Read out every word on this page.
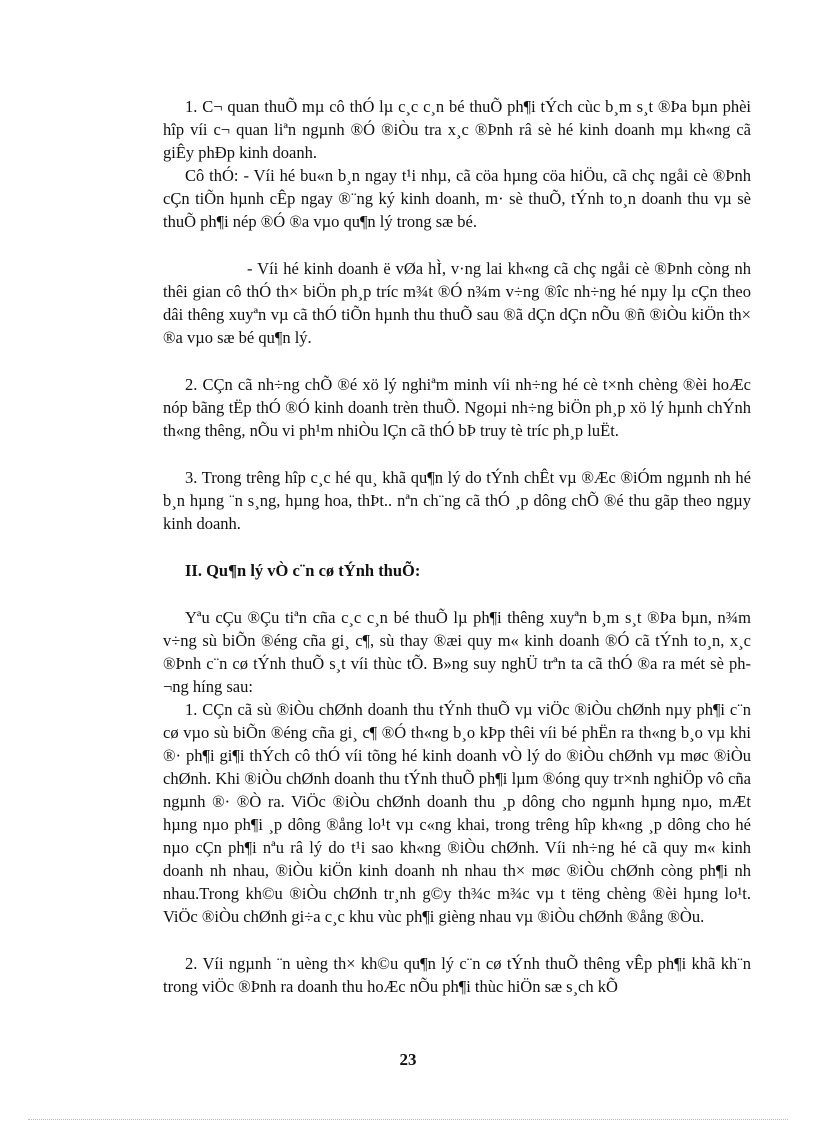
1. C¬ quan thuÕ mµ cô thÓ lµ c¸c c¸n bé thuÕ ph¶i tÝch cùc b¸m s¸t ®Þa bµn phèi hîp víi c¬ quan liªn ngµnh ®Ó ®iÒu tra x¸c ®Þnh râ sè hé kinh doanh mµ kh«ng cã giÊy phÐp kinh doanh.

Cô thÓ: - Víi hé bu«n b¸n ngay t¹i nhµ, cã cöa hµng cöa hiÖu, cã chç ngåi cè ®Þnh cÇn tiÕn hµnh cÊp ngay ®¨ng ký kinh doanh, m· sè thuÕ, tÝnh to¸n doanh thu vµ sè thuÕ ph¶i nép ®Ó ®a vµo qu¶n lý trong sæ bé.

- Víi hé kinh doanh ë vØa hÌ, v·ng lai kh«ng cã chç ngåi cè ®Þnh còng nh thêi gian cô thÓ th× biÖn ph¸p tríc m¾t ®Ó n¾m v÷ng ®îc nh÷ng hé nµy lµ cÇn theo dâi thêng xuyªn vµ cã thÓ tiÕn hµnh thu thuÕ sau ®ã dÇn dÇn nÕu ®ñ ®iÒu kiÖn th× ®a vµo sæ bé qu¶n lý.

2. CÇn cã nh÷ng chÕ ®é xö lý nghiªm minh víi nh÷ng hé cè t×nh chèng ®èi hoÆc nóp bãng tËp thÓ ®Ó kinh doanh trèn thuÕ. Ngoµi nh÷ng biÖn ph¸p xö lý hµnh chÝnh th«ng thêng, nÕu vi ph¹m nhiÒu lÇn cã thÓ bÞ truy tè tríc ph¸p luËt.

3. Trong trêng hîp c¸c hé qu¸ khã qu¶n lý do tÝnh chÊt vµ ®Æc ®iÓm ngµnh nh hé b¸n hµng ¨n s¸ng, hµng hoa, thÞt.. nªn ch¨ng cã thÓ ¸p dông chÕ ®é thu gãp theo ngµy kinh doanh.

II. Qu¶n lý vÒ c¨n cø tÝnh thuÕ:

Yªu cÇu ®Çu tiªn cña c¸c c¸n bé thuÕ lµ ph¶i thêng xuyªn b¸m s¸t ®Þa bµn, n¾m v÷ng sù biÕn ®éng cña gi¸ c¶, sù thay ®æi quy m« kinh doanh ®Ó cã tÝnh to¸n, x¸c ®Þnh c¨n cø tÝnh thuÕ s¸t víi thùc tÕ. B»ng suy nghÜ trªn ta cã thÓ ®a ra mét sè ph¬ng híng sau:

1. CÇn cã sù ®iÒu chØnh doanh thu tÝnh thuÕ vµ viÖc ®iÒu chØnh nµy ph¶i c¨n cø vµo sù biÕn ®éng cña gi¸ c¶ ®Ó th«ng b¸o kÞp thêi víi bé phËn ra th«ng b¸o vµ khi ®· ph¶i gi¶i thÝch cô thÓ víi tõng hé kinh doanh vÒ lý do ®iÒu chØnh vµ møc ®iÒu chØnh. Khi ®iÒu chØnh doanh thu tÝnh thuÕ ph¶i lµm ®óng quy tr×nh nghiÖp vô cña ngµnh ®· ®Ò ra. ViÖc ®iÒu chØnh doanh thu ¸p dông cho ngµnh hµng nµo, mÆt hµng nµo ph¶i ¸p dông ®ång lo¹t vµ c«ng khai, trong trêng hîp kh«ng ¸p dông cho hé nµo cÇn ph¶i nªu râ lý do t¹i sao kh«ng ®iÒu chØnh. Víi nh÷ng hé cã quy m« kinh doanh nh nhau, ®iÒu kiÖn kinh doanh nh nhau th× møc ®iÒu chØnh còng ph¶i nh nhau.Trong kh©u ®iÒu chØnh tr¸nh g©y th¾c m¾c vµ t tëng chèng ®èi hµng lo¹t. ViÖc ®iÒu chØnh gi÷a c¸c khu vùc ph¶i gièng nhau vµ ®iÒu chØnh ®ång ®Òu.

2. Víi ngµnh ¨n uèng th× kh©u qu¶n lý c¨n cø tÝnh thuÕ thêng vÊp ph¶i khã kh¨n trong viÖc ®Þnh ra doanh thu hoÆc nÕu ph¶i thùc hiÖn sæ s¸ch kÕ

23
